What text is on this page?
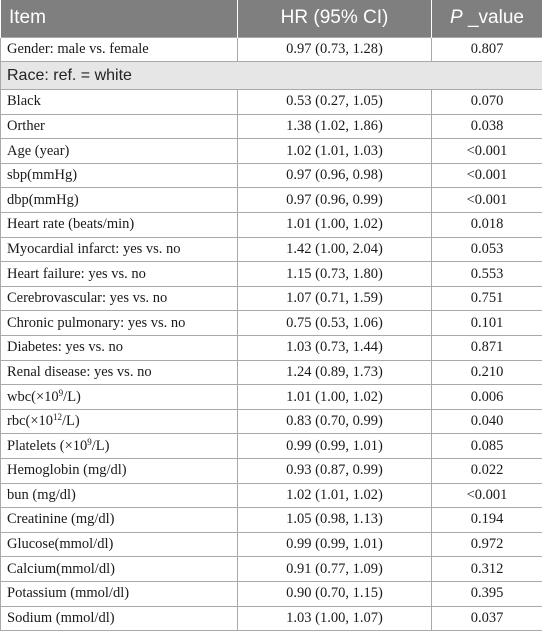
Item	HR (95% CI)	P _value
Gender: male vs. female	0.97 (0.73, 1.28)	0.807
Race: ref. = white		
Black	0.53 (0.27, 1.05)	0.070
Orther	1.38 (1.02, 1.86)	0.038
Age (year)	1.02 (1.01, 1.03)	<0.001
sbp(mmHg)	0.97 (0.96, 0.98)	<0.001
dbp(mmHg)	0.97 (0.96, 0.99)	<0.001
Heart rate (beats/min)	1.01 (1.00, 1.02)	0.018
Myocardial infarct: yes vs. no	1.42 (1.00, 2.04)	0.053
Heart failure: yes vs. no	1.15 (0.73, 1.80)	0.553
Cerebrovascular: yes vs. no	1.07 (0.71, 1.59)	0.751
Chronic pulmonary: yes vs. no	0.75 (0.53, 1.06)	0.101
Diabetes: yes vs. no	1.03 (0.73, 1.44)	0.871
Renal disease: yes vs. no	1.24 (0.89, 1.73)	0.210
$wbc(\times 10^9/L)$	1.01 (1.00, 1.02)	0.006
$rbc(\times 10^{12}/L)$	0.83 (0.70, 0.99)	0.040
Platelets $(\times 10^9/L)$	0.99 (0.99, 1.01)	0.085
Hemoglobin (mg/dl)	0.93 (0.87, 0.99)	0.022
bun (mg/dl)	1.02 (1.01, 1.02)	<0.001
Creatinine (mg/dl)	1.05 (0.98, 1.13)	0.194
Glucose(mmol/dl)	0.99 (0.99, 1.01)	0.972
Calcium(mmol/dl)	0.91 (0.77, 1.09)	0.312
Potassium (mmol/dl)	0.90 (0.70, 1.15)	0.395
Sodium (mmol/dl)	1.03 (1.00, 1.07)	0.037
